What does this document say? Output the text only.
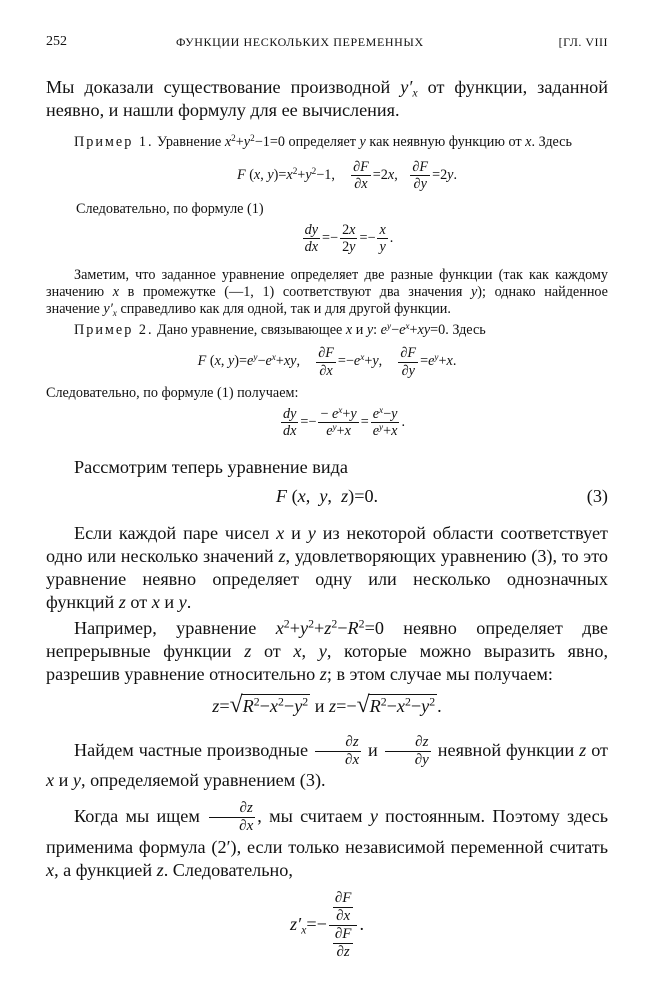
252	ФУНКЦИИ НЕСКОЛЬКИХ ПЕРЕМЕННЫХ	[ГЛ. VIII

Мы доказали существование производной $y'_x$ от функции, заданной неявно, и нашли формулу для ее вычисления.

Пример 1. Уравнение $x^2+y^2-1=0$ определяет y как неявную функцию от x. Здесь

F (x, $y)=x^2+y^2-1$, $\frac{\partial F}{\partial x} =2x$, $\frac{\partial F}{\partial y} =2y$.

Следовательно, по формуле (1)

$\frac{dy}{dx} =- \frac{2x}{2y} =- \frac{x}{y}$ .

Заметим, что заданное уравнение определяет две разные функции (так как каждому значению x в промежутке (—1, 1) соответствуют два значения y); однако найденное значение $y'_x$ справедливо как для одной, так и для другой функции.

Пример 2. Дано уравнение, связывающее x и y: $e^y-e^x+xy=0$. Здесь

F (x, $y)=e^y-e^x+xy$, $\frac{\partial F}{\partial x} =-e^x+y$, $\frac{\partial F}{\partial y} =e^y+x$.

Следовательно, по формуле (1) получаем:

$\frac{dy}{dx} =- \frac{- e^x+y}{e^y+x} = \frac{e^x-y}{e^y+x}$ .

Рассмотрим теперь уравнение вида

F (x,  y,  z)=0.	(3)

Если каждой паре чисел x и y из некоторой области соответствует одно или несколько значений z, удовлетворяющих уравнению (3), то это уравнение неявно определяет одну или несколько однозначных функций z от x и y.

Например, уравнение $x^2+y^2+z^2-R^2=0$ неявно определяет две непрерывные функции z от x, y, которые можно выразить явно, разрешив уравнение относительно z; в этом случае мы получаем:

$z=√R^2-x^2-y^2$ и $z=-√R^2-x^2-y^2$ .

Найдем частные производные $\frac{\partial z}{\partial x}$ и $\frac{\partial z}{\partial y}$ неявной функции z от x и y, определяемой уравнением (3).

Когда мы ищем $\frac{\partial z}{\partial x}$ , мы считаем y постоянным. Поэтому здесь применима формула (2′), если только независимой переменной считать x, а функцией z. Следовательно,

$z'_x=- \frac{\frac{\partial F}{\partial x}}{\frac{\partial F}{\partial z}}$ .
